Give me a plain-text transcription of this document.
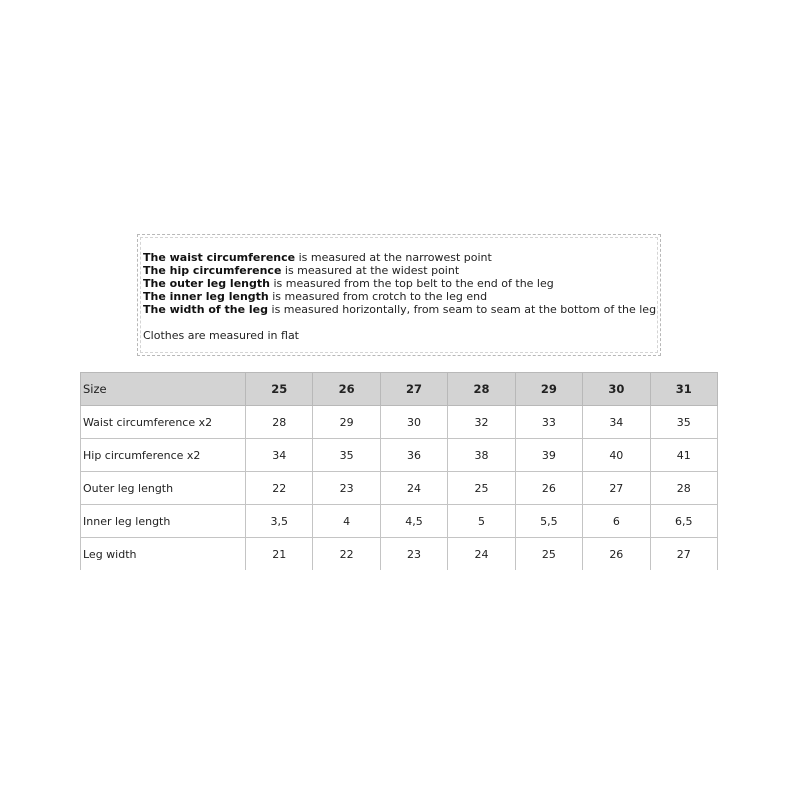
The waist circumference is measured at the narrowest point
The hip circumference is measured at the widest point
The outer leg length is measured from the top belt to the end of the leg
The inner leg length is measured from crotch to the leg end
The width of the leg is measured horizontally, from seam to seam at the bottom of the leg
Clothes are measured in flat
Size	25	26	27	28	29	30	31
Waist circumference x2	28	29	30	32	33	34	35
Hip circumference x2	34	35	36	38	39	40	41
Outer leg length	22	23	24	25	26	27	28
Inner leg length	3,5	4	4,5	5	5,5	6	6,5
Leg width	21	22	23	24	25	26	27
